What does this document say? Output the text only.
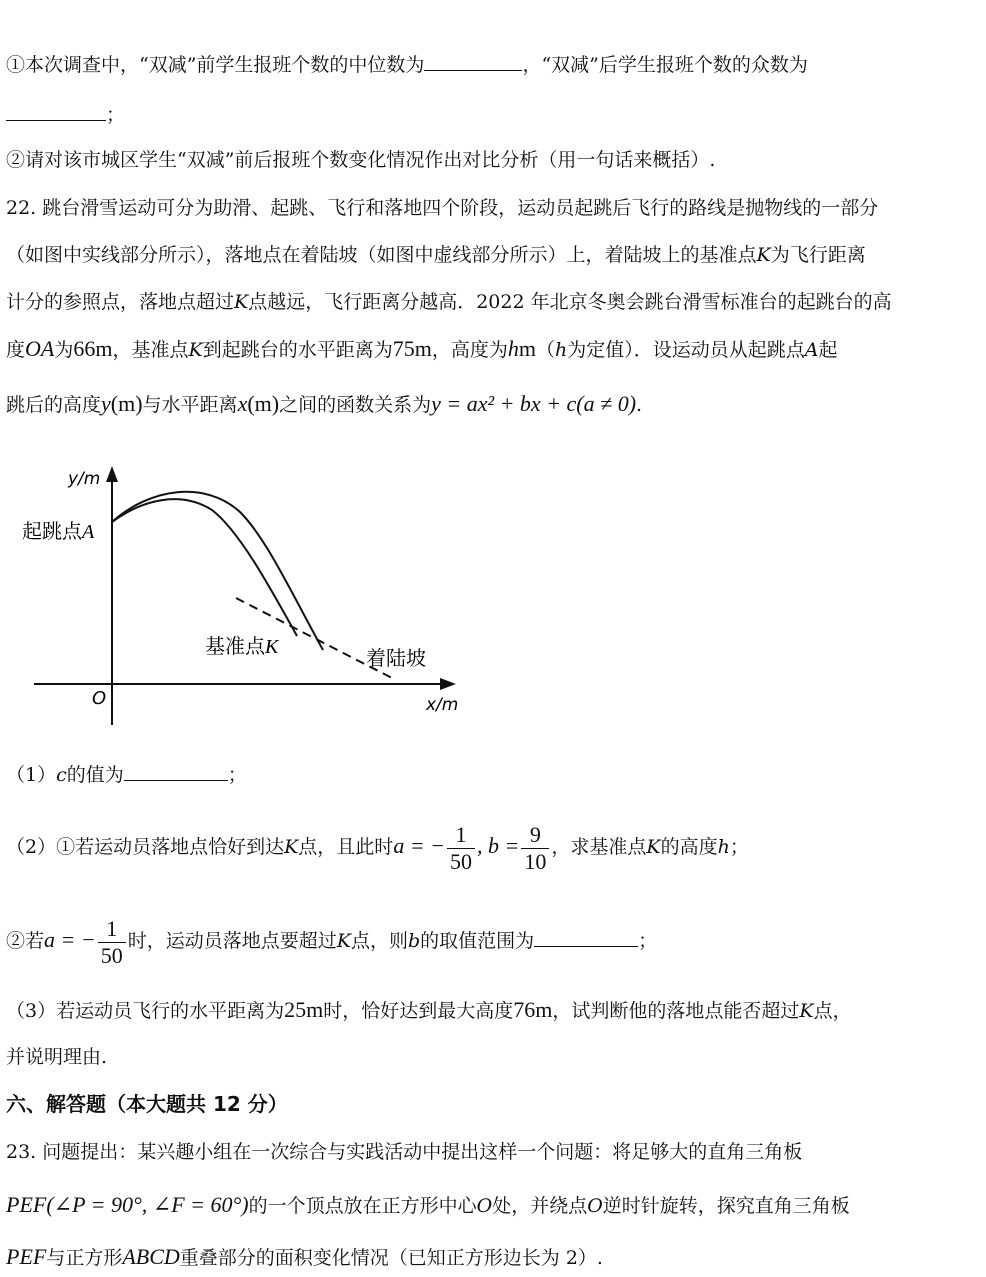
①本次调查中，“双减”前学生报班个数的中位数为	，“双减”后学生报班个数的众数为
；
②请对该市城区学生“双减”前后报班个数变化情况作出对比分析（用一句话来概括）.
22. 跳台滑雪运动可分为助滑、起跳、飞行和落地四个阶段，运动员起跳后飞行的路线是抛物线的一部分
（如图中实线部分所示），落地点在着陆坡（如图中虚线部分所示）上，着陆坡上的基准点K为飞行距离
计分的参照点，落地点超过K点越远，飞行距离分越高．2022 年北京冬奥会跳台滑雪标准台的起跳台的高
度OA为66m，基准点K到起跳台的水平距离为75m，高度为hm（h为定值）．设运动员从起跳点A起
跳后的高度y(m)与水平距离x(m)之间的函数关系为y = ax² + bx + c(a ≠ 0).
y/m
x/m
O
起跳点A
基准点K	着陆坡
（1）c的值为	；
（2）①若运动员落地点恰好到达K点，且此时a = − $\frac{1}{50}$ , $b = \frac{9}{10}$ ，求基准点K的高度h；
②若a = − $\frac{1}{50}$ 时，运动员落地点要超过K点，则b的取值范围为	；
（3）若运动员飞行的水平距离为25m时，恰好达到最大高度76m，试判断他的落地点能否超过K点，
并说明理由.
六、解答题（本大题共 12 分）
23. 问题提出：某兴趣小组在一次综合与实践活动中提出这样一个问题：将足够大的直角三角板
PEF(∠P = 90°, ∠F = 60°)的一个顶点放在正方形中心O处，并绕点O逆时针旋转，探究直角三角板
PEF与正方形ABCD重叠部分的面积变化情况（已知正方形边长为 2）.
